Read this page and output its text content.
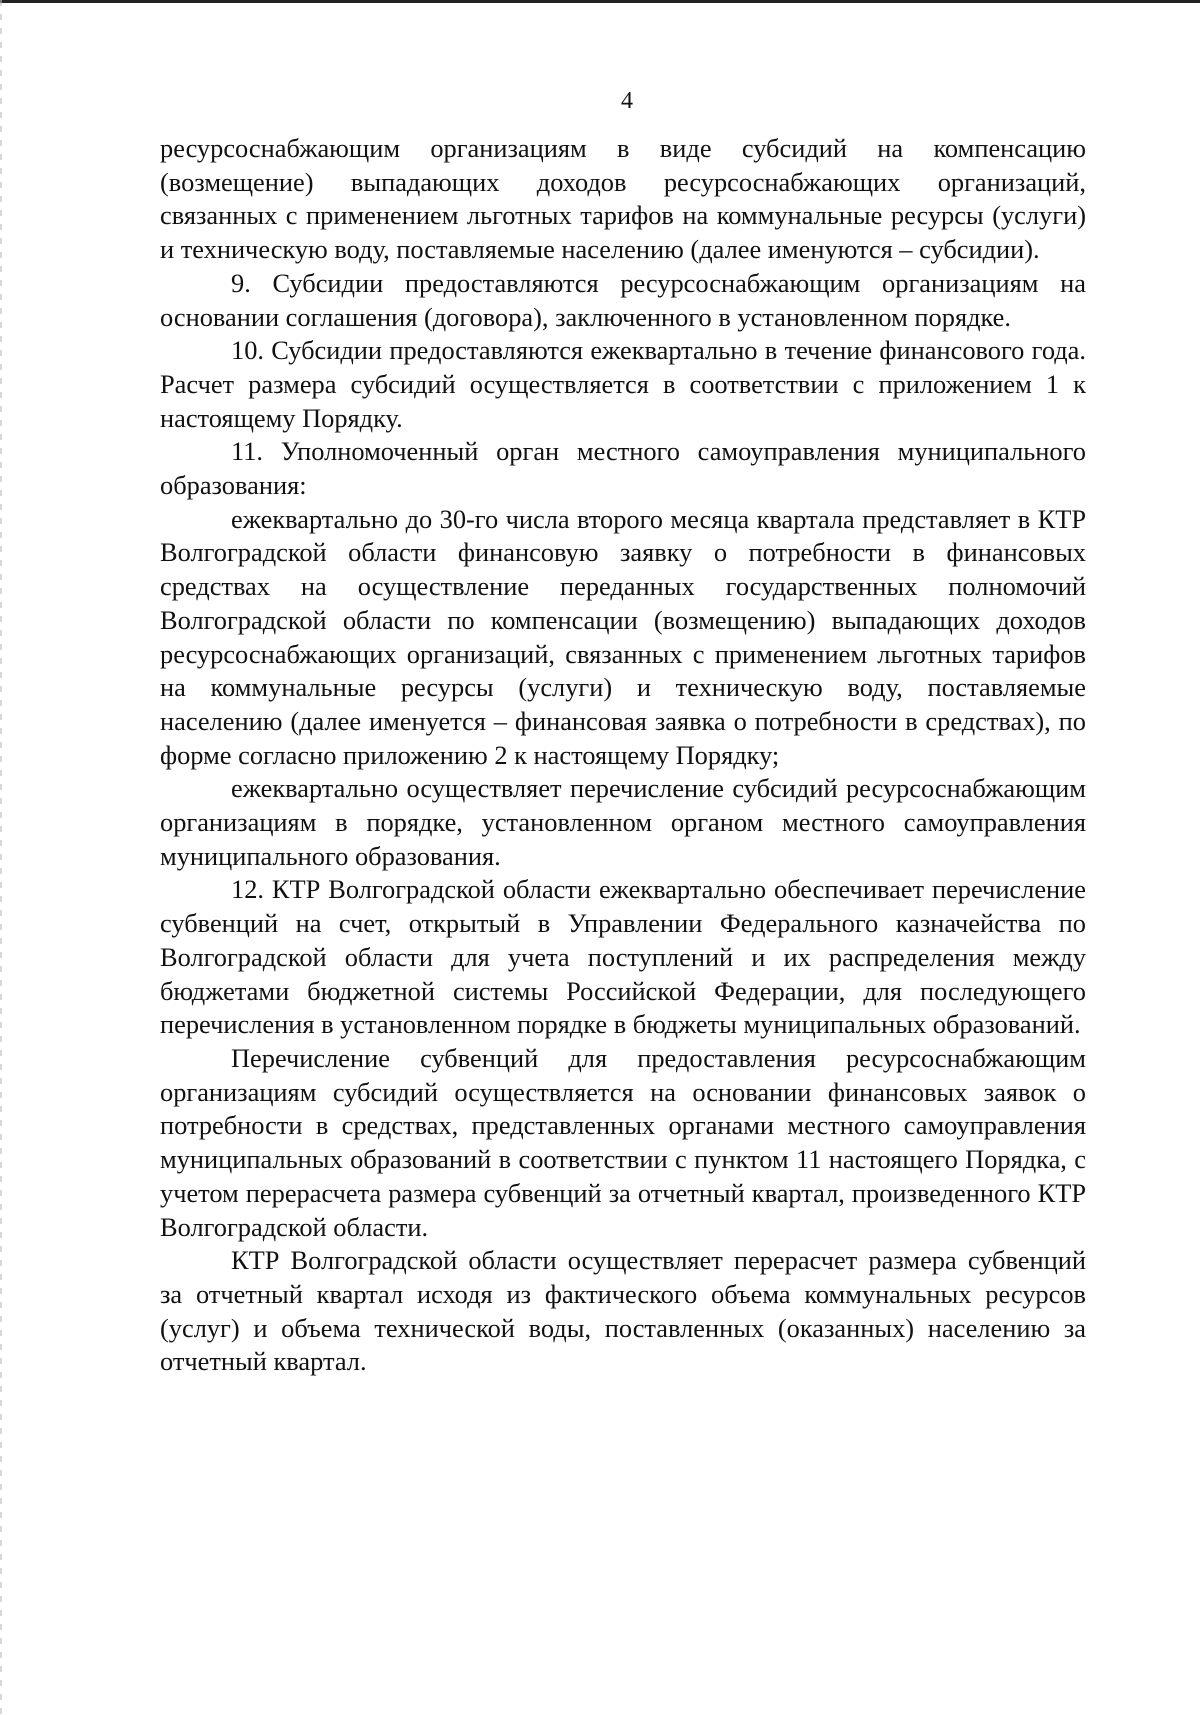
4

ресурсоснабжающим организациям в виде субсидий на компенсацию (возмещение) выпадающих доходов ресурсоснабжающих организаций, связанных с применением льготных тарифов на коммунальные ресурсы (услуги) и техническую воду, поставляемые населению (далее именуются – субсидии).

9. Субсидии предоставляются ресурсоснабжающим организациям на основании соглашения (договора), заключенного в установленном порядке.

10. Субсидии предоставляются ежеквартально в течение финансового года. Расчет размера субсидий осуществляется в соответствии с приложением 1 к настоящему Порядку.

11. Уполномоченный орган местного самоуправления муниципального образования:

ежеквартально до 30-го числа второго месяца квартала представляет в КТР Волгоградской области финансовую заявку о потребности в финансовых средствах на осуществление переданных государственных полномочий Волгоградской области по компенсации (возмещению) выпадающих доходов ресурсоснабжающих организаций, связанных с применением льготных тарифов на коммунальные ресурсы (услуги) и техническую воду, поставляемые населению (далее именуется – финансовая заявка о потребности в средствах), по форме согласно приложению 2 к настоящему Порядку;

ежеквартально осуществляет перечисление субсидий ресурсоснабжающим организациям в порядке, установленном органом местного самоуправления муниципального образования.

12. КТР Волгоградской области ежеквартально обеспечивает перечисление субвенций на счет, открытый в Управлении Федерального казначейства по Волгоградской области для учета поступлений и их распределения между бюджетами бюджетной системы Российской Федерации, для последующего перечисления в установленном порядке в бюджеты муниципальных образований.

Перечисление субвенций для предоставления ресурсоснабжающим организациям субсидий осуществляется на основании финансовых заявок о потребности в средствах, представленных органами местного самоуправления муниципальных образований в соответствии с пунктом 11 настоящего Порядка, с учетом перерасчета размера субвенций за отчетный квартал, произведенного КТР Волгоградской области.

КТР Волгоградской области осуществляет перерасчет размера субвенций за отчетный квартал исходя из фактического объема коммунальных ресурсов (услуг) и объема технической воды, поставленных (оказанных) населению за отчетный квартал.
